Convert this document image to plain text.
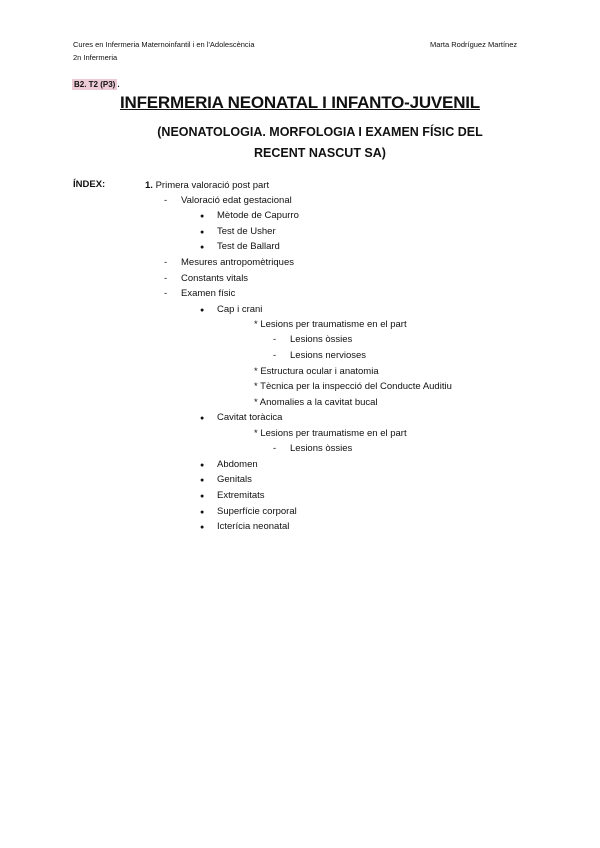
Cures en Infermeria Maternoinfantil i en l'Adolescència
2n Infermeria
Marta Rodríguez Martínez
B2. T2 (P3) .
INFERMERIA NEONATAL I INFANTO-JUVENIL
(NEONATOLOGIA. MORFOLOGIA I EXAMEN FÍSIC DEL
RECENT NASCUT SA)
ÍNDEX:	1. Primera valoració post part
- Valoració edat gestacional
● Mètode de Capurro
● Test de Usher
● Test de Ballard
- Mesures antropomètriques
- Constants vitals
- Examen físic
● Cap i crani
* Lesions per traumatisme en el part
- Lesions òssies
- Lesions nervioses
* Estructura ocular i anatomia
* Tècnica per la inspecció del Conducte Auditiu
* Anomalies a la cavitat bucal
● Cavitat toràcica
* Lesions per traumatisme en el part
- Lesions òssies
● Abdomen
● Genitals
● Extremitats
● Superfície corporal
● Icterícia neonatal
